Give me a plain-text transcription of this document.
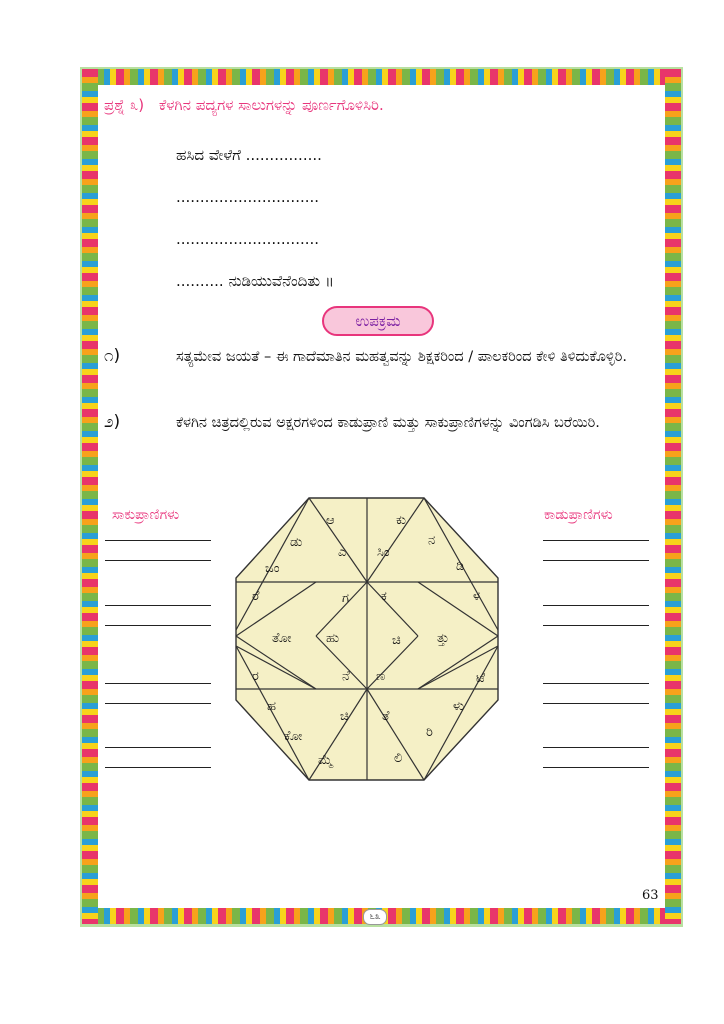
ಪ್ರಶ್ನೆ ೩) ಕೆಳಗಿನ ಪದ್ಯಗಳ ಸಾಲುಗಳನ್ನು ಪೂರ್ಣಗೊಳಿಸಿರಿ.
ಹಸಿದ ವೇಳೆಗೆ ................
..............................
..............................
.......... ನುಡಿಯುವೆನೆಂದಿತು ॥
ಉಪಕ್ರಮ
೧)	ಸತ್ಯಮೇವ ಜಯತೆ – ಈ ಗಾದೆಮಾತಿನ ಮಹತ್ವವನ್ನು ಶಿಕ್ಷಕರಿಂದ / ಪಾಲಕರಿಂದ ಕೇಳಿ ತಿಳಿದುಕೊಳ್ಳಿರಿ.
೨)	ಕೆಳಗಿನ ಚಿತ್ರದಲ್ಲಿರುವ ಅಕ್ಷರಗಳಿಂದ ಕಾಡುಪ್ರಾಣಿ ಮತ್ತು ಸಾಕುಪ್ರಾಣಿಗಳನ್ನು ವಿಂಗಡಿಸಿ ಬರೆಯಿರಿ.
ಸಾಕುಪ್ರಾಣಿಗಳು	ಕಾಡುಪ್ರಾಣಿಗಳು
ಆ	ಕು
ಡು
ಎ ಸಿಂ
ನ
ಒಂ	ಡಿ
ರೆ	ಗ ಕ	ಳ
ತೋ	ಹು	ಚಿ	ತ್ತು
ರ	ನೆ ಣ	ಟೆ
ಹ
ಚಿ	ತೆ
ಳು
ಕೋ	ರಿ
ಮ್ಮೆ	ಲಿ
63
೬೩
